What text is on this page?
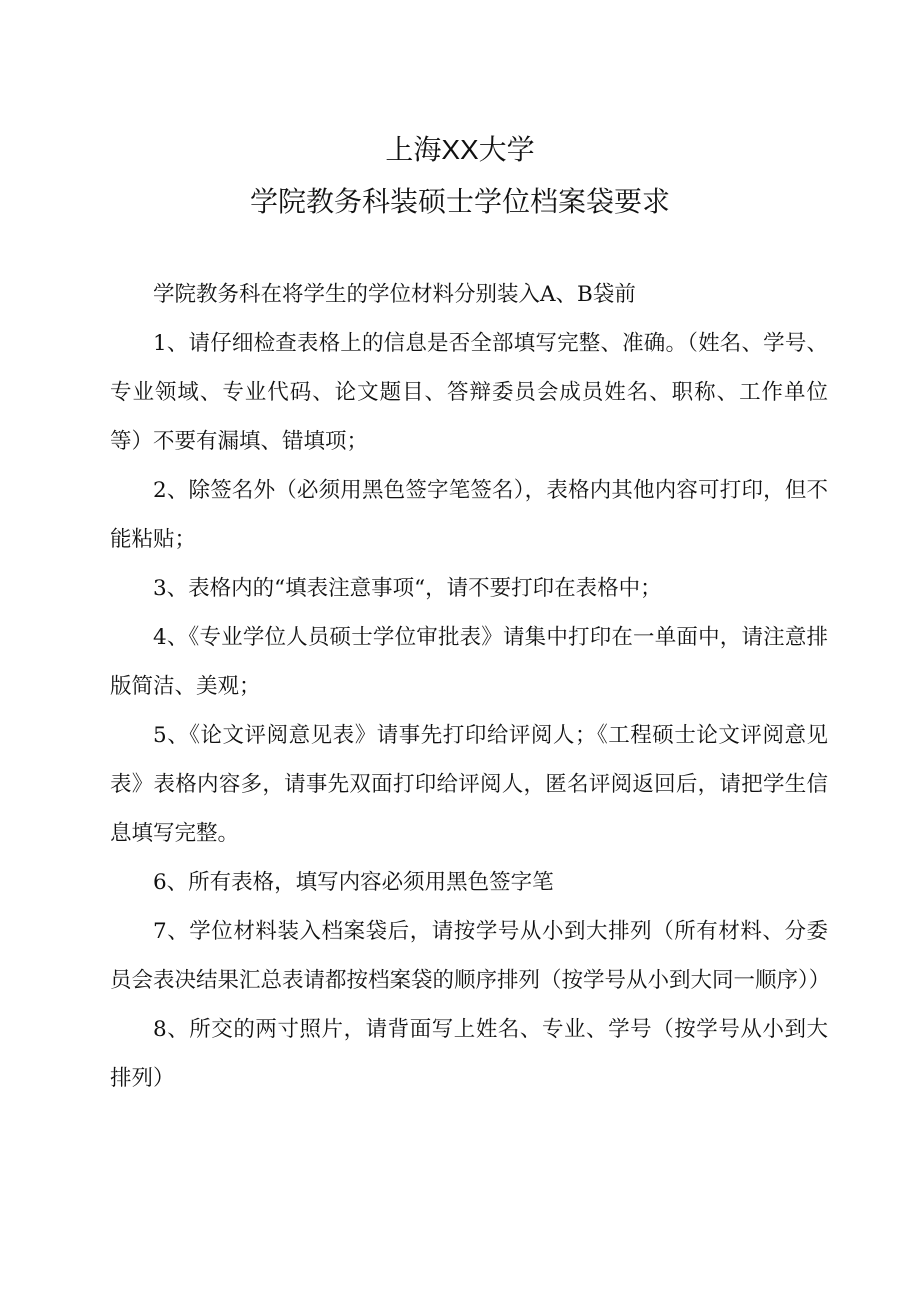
上海XX大学
学院教务科装硕士学位档案袋要求

学院教务科在将学生的学位材料分别装入A、B袋前

1、请仔细检查表格上的信息是否全部填写完整、准确。（姓名、学号、专业领域、专业代码、论文题目、答辩委员会成员姓名、职称、工作单位等）不要有漏填、错填项；

2、除签名外（必须用黑色签字笔签名），表格内其他内容可打印，但不能粘贴；

3、表格内的“填表注意事项“，请不要打印在表格中；

4、《专业学位人员硕士学位审批表》请集中打印在一单面中，请注意排版简洁、美观；

5、《论文评阅意见表》请事先打印给评阅人；《工程硕士论文评阅意见表》表格内容多，请事先双面打印给评阅人，匿名评阅返回后，请把学生信息填写完整。

6、所有表格，填写内容必须用黑色签字笔

7、学位材料装入档案袋后，请按学号从小到大排列（所有材料、分委员会表决结果汇总表请都按档案袋的顺序排列（按学号从小到大同一顺序））

8、所交的两寸照片，请背面写上姓名、专业、学号（按学号从小到大排列）
